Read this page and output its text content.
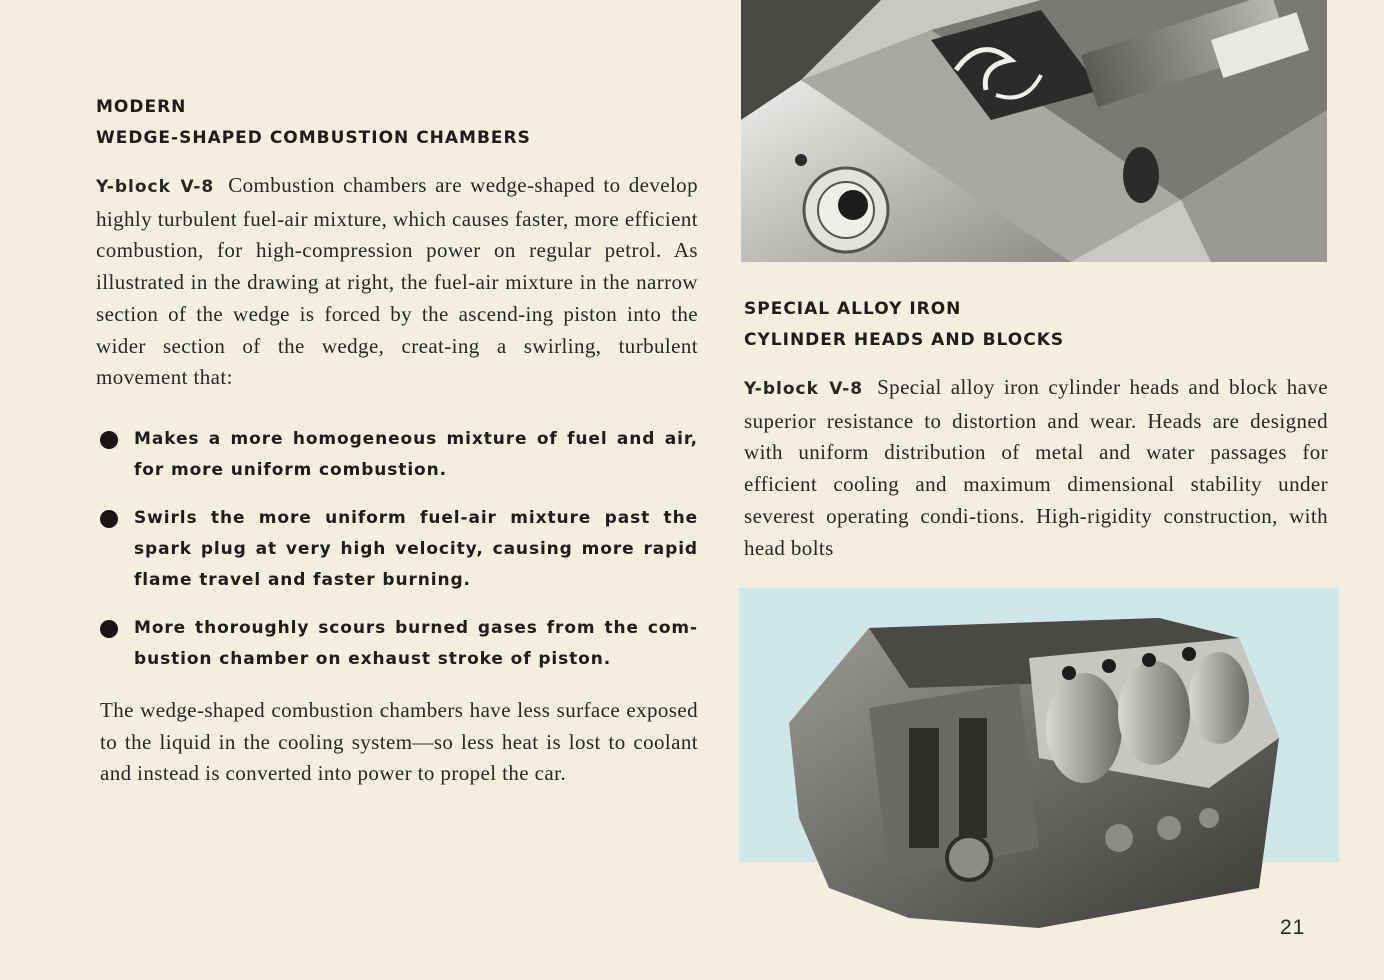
MODERN

WEDGE-SHAPED COMBUSTION CHAMBERS

Y-block V-8 Combustion chambers are wedge-shaped to develop highly turbulent fuel-air mixture, which causes faster, more efficient combustion, for high-compression power on regular petrol. As illustrated in the drawing at right, the fuel-air mixture in the narrow section of the wedge is forced by the ascend-ing piston into the wider section of the wedge, creat-ing a swirling, turbulent movement that:

Makes a more homogeneous mixture of fuel and air, for more uniform combustion.
Swirls the more uniform fuel-air mixture past the spark plug at very high velocity, causing more rapid flame travel and faster burning.
More thoroughly scours burned gases from the com-bustion chamber on exhaust stroke of piston.

The wedge-shaped combustion chambers have less surface exposed to the liquid in the cooling system—so less heat is lost to coolant and instead is converted into power to propel the car.

SPECIAL ALLOY IRON

CYLINDER HEADS AND BLOCKS

Y-block V-8 Special alloy iron cylinder heads and block have superior resistance to distortion and wear. Heads are designed with uniform distribution of metal and water passages for efficient cooling and maximum dimensional stability under severest operating condi-tions. High-rigidity construction, with head bolts

21
